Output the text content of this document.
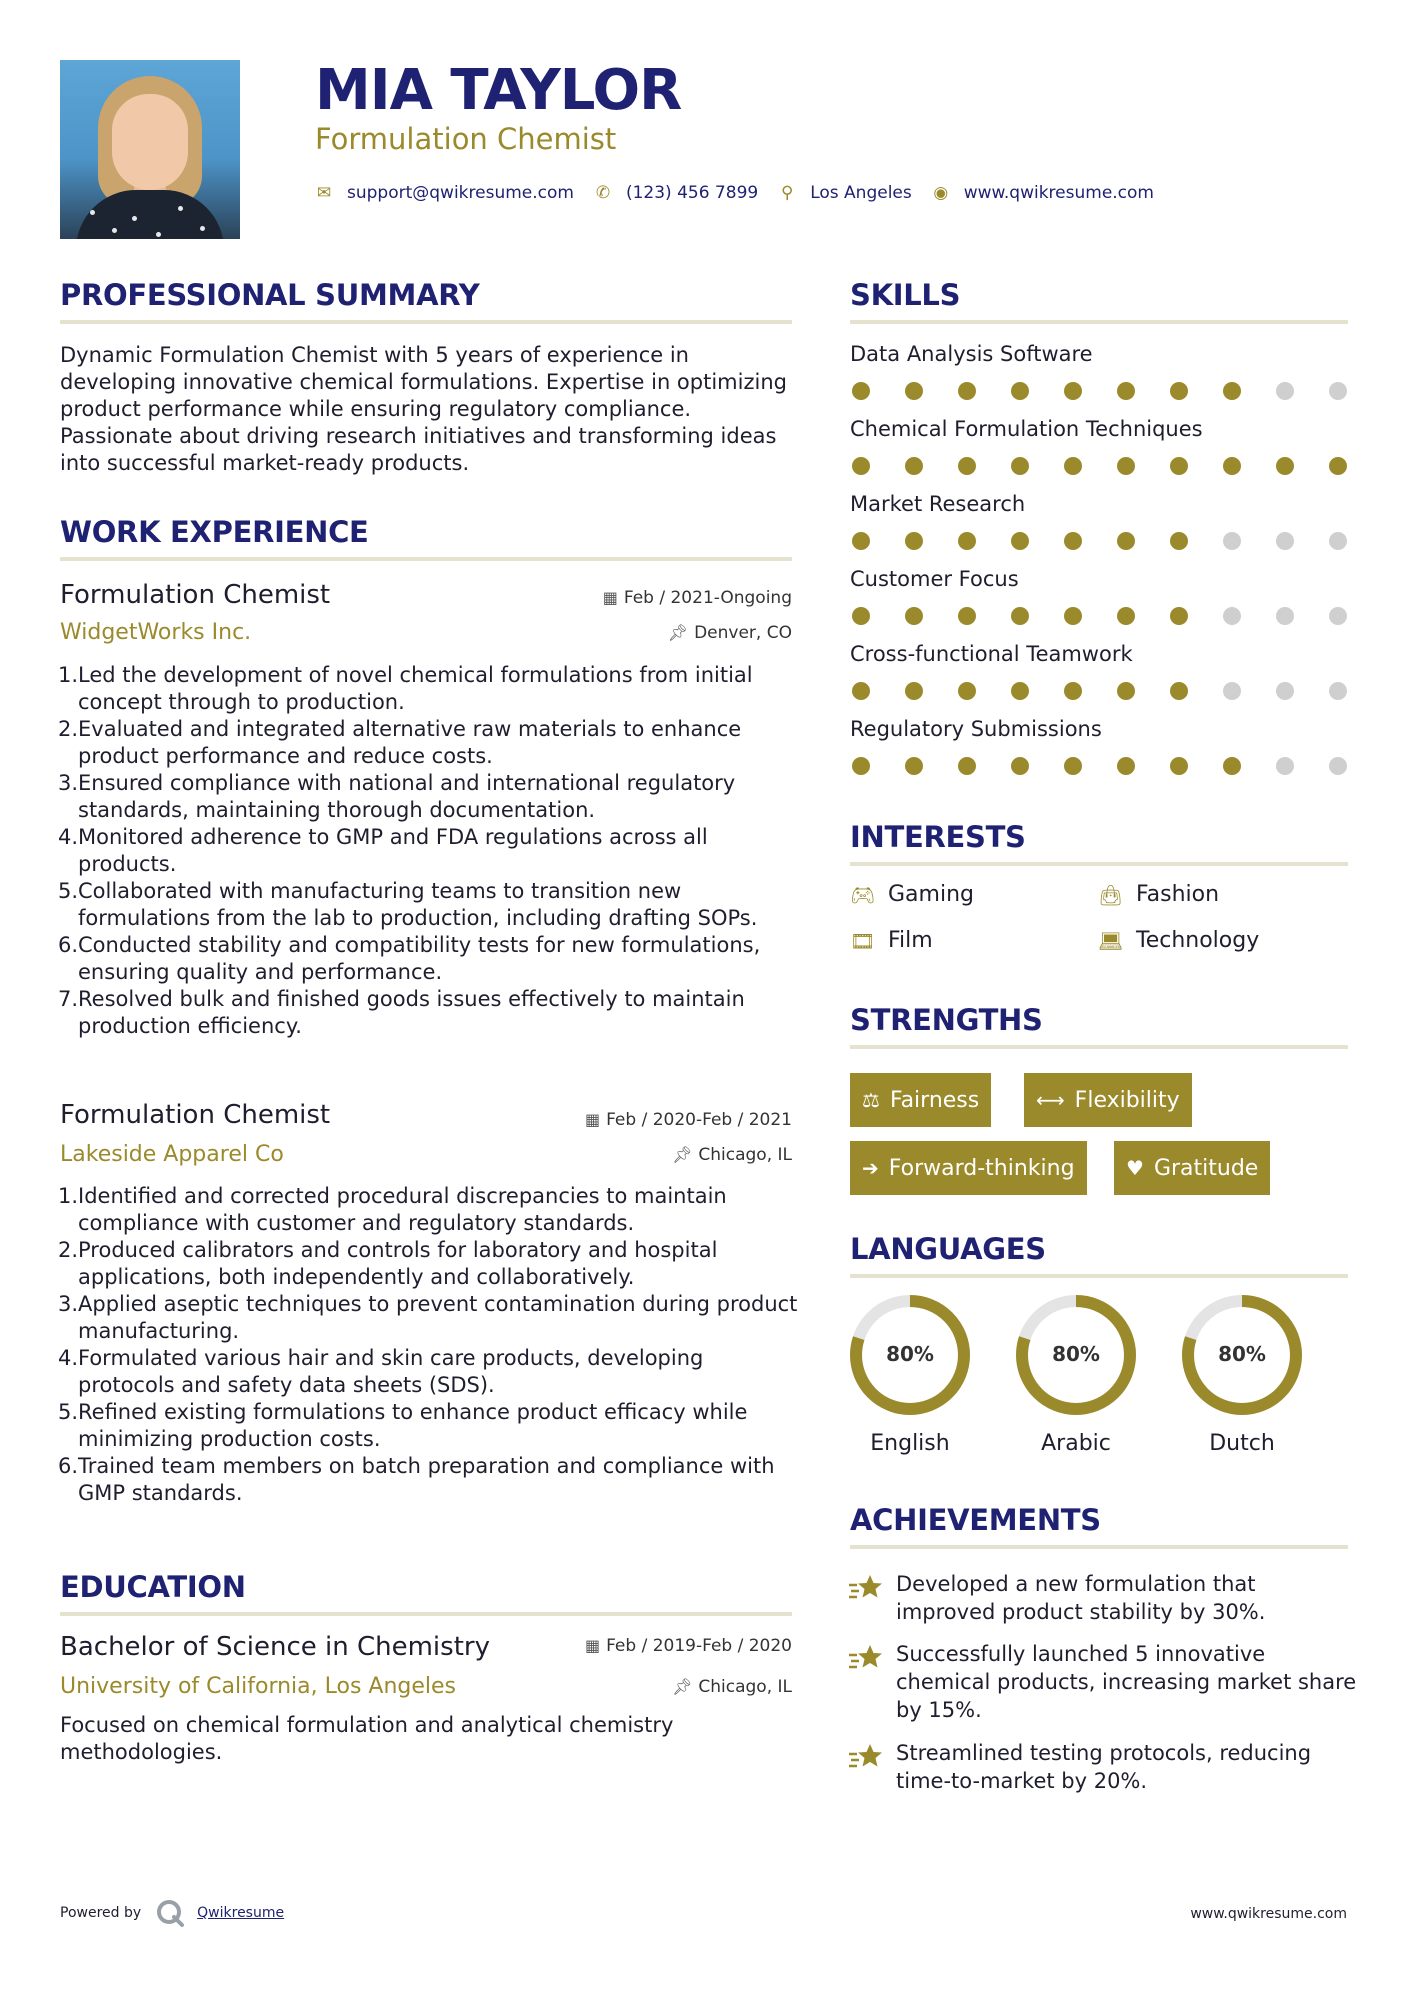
MIA TAYLOR
Formulation Chemist
✉ support@qwikresume.com ✆ (123) 456 7899 ⚲ Los Angeles ◉ www.qwikresume.com
PROFESSIONAL SUMMARY
Dynamic Formulation Chemist with 5 years of experience in developing innovative chemical formulations. Expertise in optimizing product performance while ensuring regulatory compliance. Passionate about driving research initiatives and transforming ideas into successful market-ready products.
WORK EXPERIENCE
Formulation Chemist	▦ Feb / 2021-Ongoing
WidgetWorks Inc.	📌︎ Denver, CO
1. Led the development of novel chemical formulations from initial concept through to production.
2. Evaluated and integrated alternative raw materials to enhance product performance and reduce costs.
3. Ensured compliance with national and international regulatory standards, maintaining thorough documentation.
4. Monitored adherence to GMP and FDA regulations across all products.
5. Collaborated with manufacturing teams to transition new formulations from the lab to production, including drafting SOPs.
6. Conducted stability and compatibility tests for new formulations, ensuring quality and performance.
7. Resolved bulk and finished goods issues effectively to maintain production efficiency.
Formulation Chemist	▦ Feb / 2020-Feb / 2021
Lakeside Apparel Co	📌︎ Chicago, IL
1. Identified and corrected procedural discrepancies to maintain compliance with customer and regulatory standards.
2. Produced calibrators and controls for laboratory and hospital applications, both independently and collaboratively.
3. Applied aseptic techniques to prevent contamination during product manufacturing.
4. Formulated various hair and skin care products, developing protocols and safety data sheets (SDS).
5. Refined existing formulations to enhance product efficacy while minimizing production costs.
6. Trained team members on batch preparation and compliance with GMP standards.
EDUCATION
Bachelor of Science in Chemistry	▦ Feb / 2019-Feb / 2020
University of California, Los Angeles	📌︎ Chicago, IL
Focused on chemical formulation and analytical chemistry methodologies.
SKILLS
Data Analysis Software
Chemical Formulation Techniques
Market Research
Customer Focus
Cross-functional Teamwork
Regulatory Submissions
INTERESTS
🎮︎ Gaming	👜︎ Fashion
🎞︎ Film	💻︎ Technology
STRENGTHS
⚖ Fairness	⟷ Flexibility
➔ Forward-thinking	♥ Gratitude
LANGUAGES
80%
English
80%
Arabic
80%
Dutch
ACHIEVEMENTS
Developed a new formulation that improved product stability by 30%.
Successfully launched 5 innovative chemical products, increasing market share by 15%.
Streamlined testing protocols, reducing time-to-market by 20%.
Powered by	Qwikresume	www.qwikresume.com
